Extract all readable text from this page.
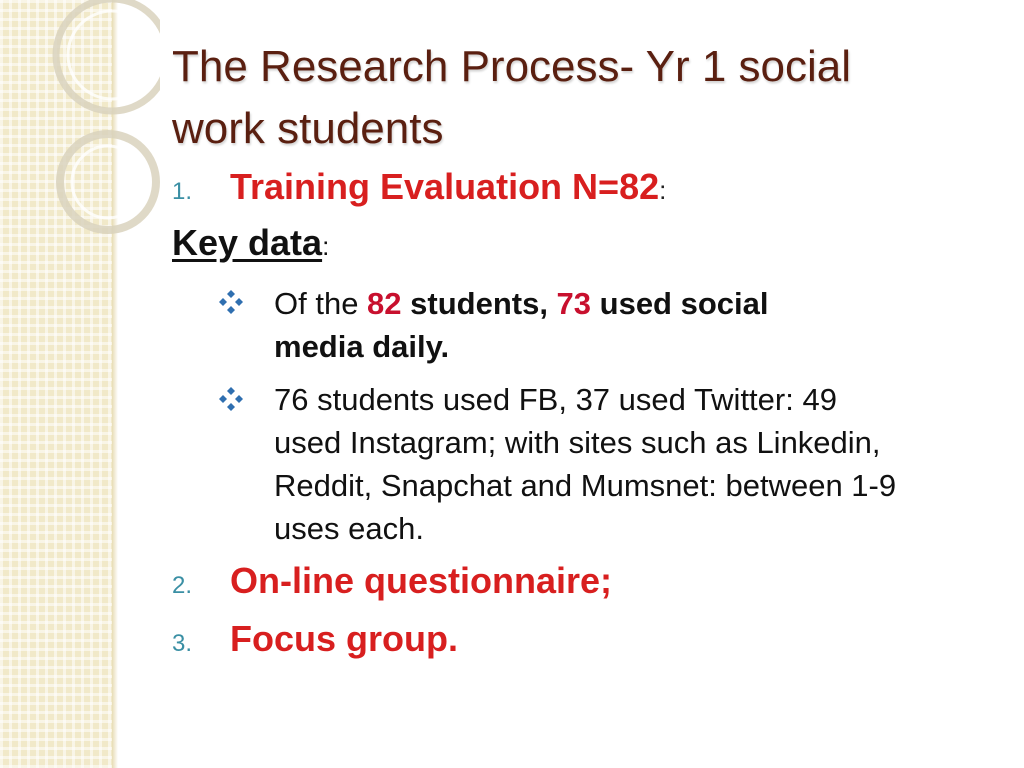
The Research Process- Yr 1 social
work students
1. Training Evaluation N=82:
Key data:
Of the 82 students, 73 used social
media daily.
76 students used FB, 37 used Twitter: 49
used Instagram; with sites such as Linkedin,
Reddit, Snapchat and Mumsnet: between 1-9
uses each.
2. On-line questionnaire;
3. Focus group.
